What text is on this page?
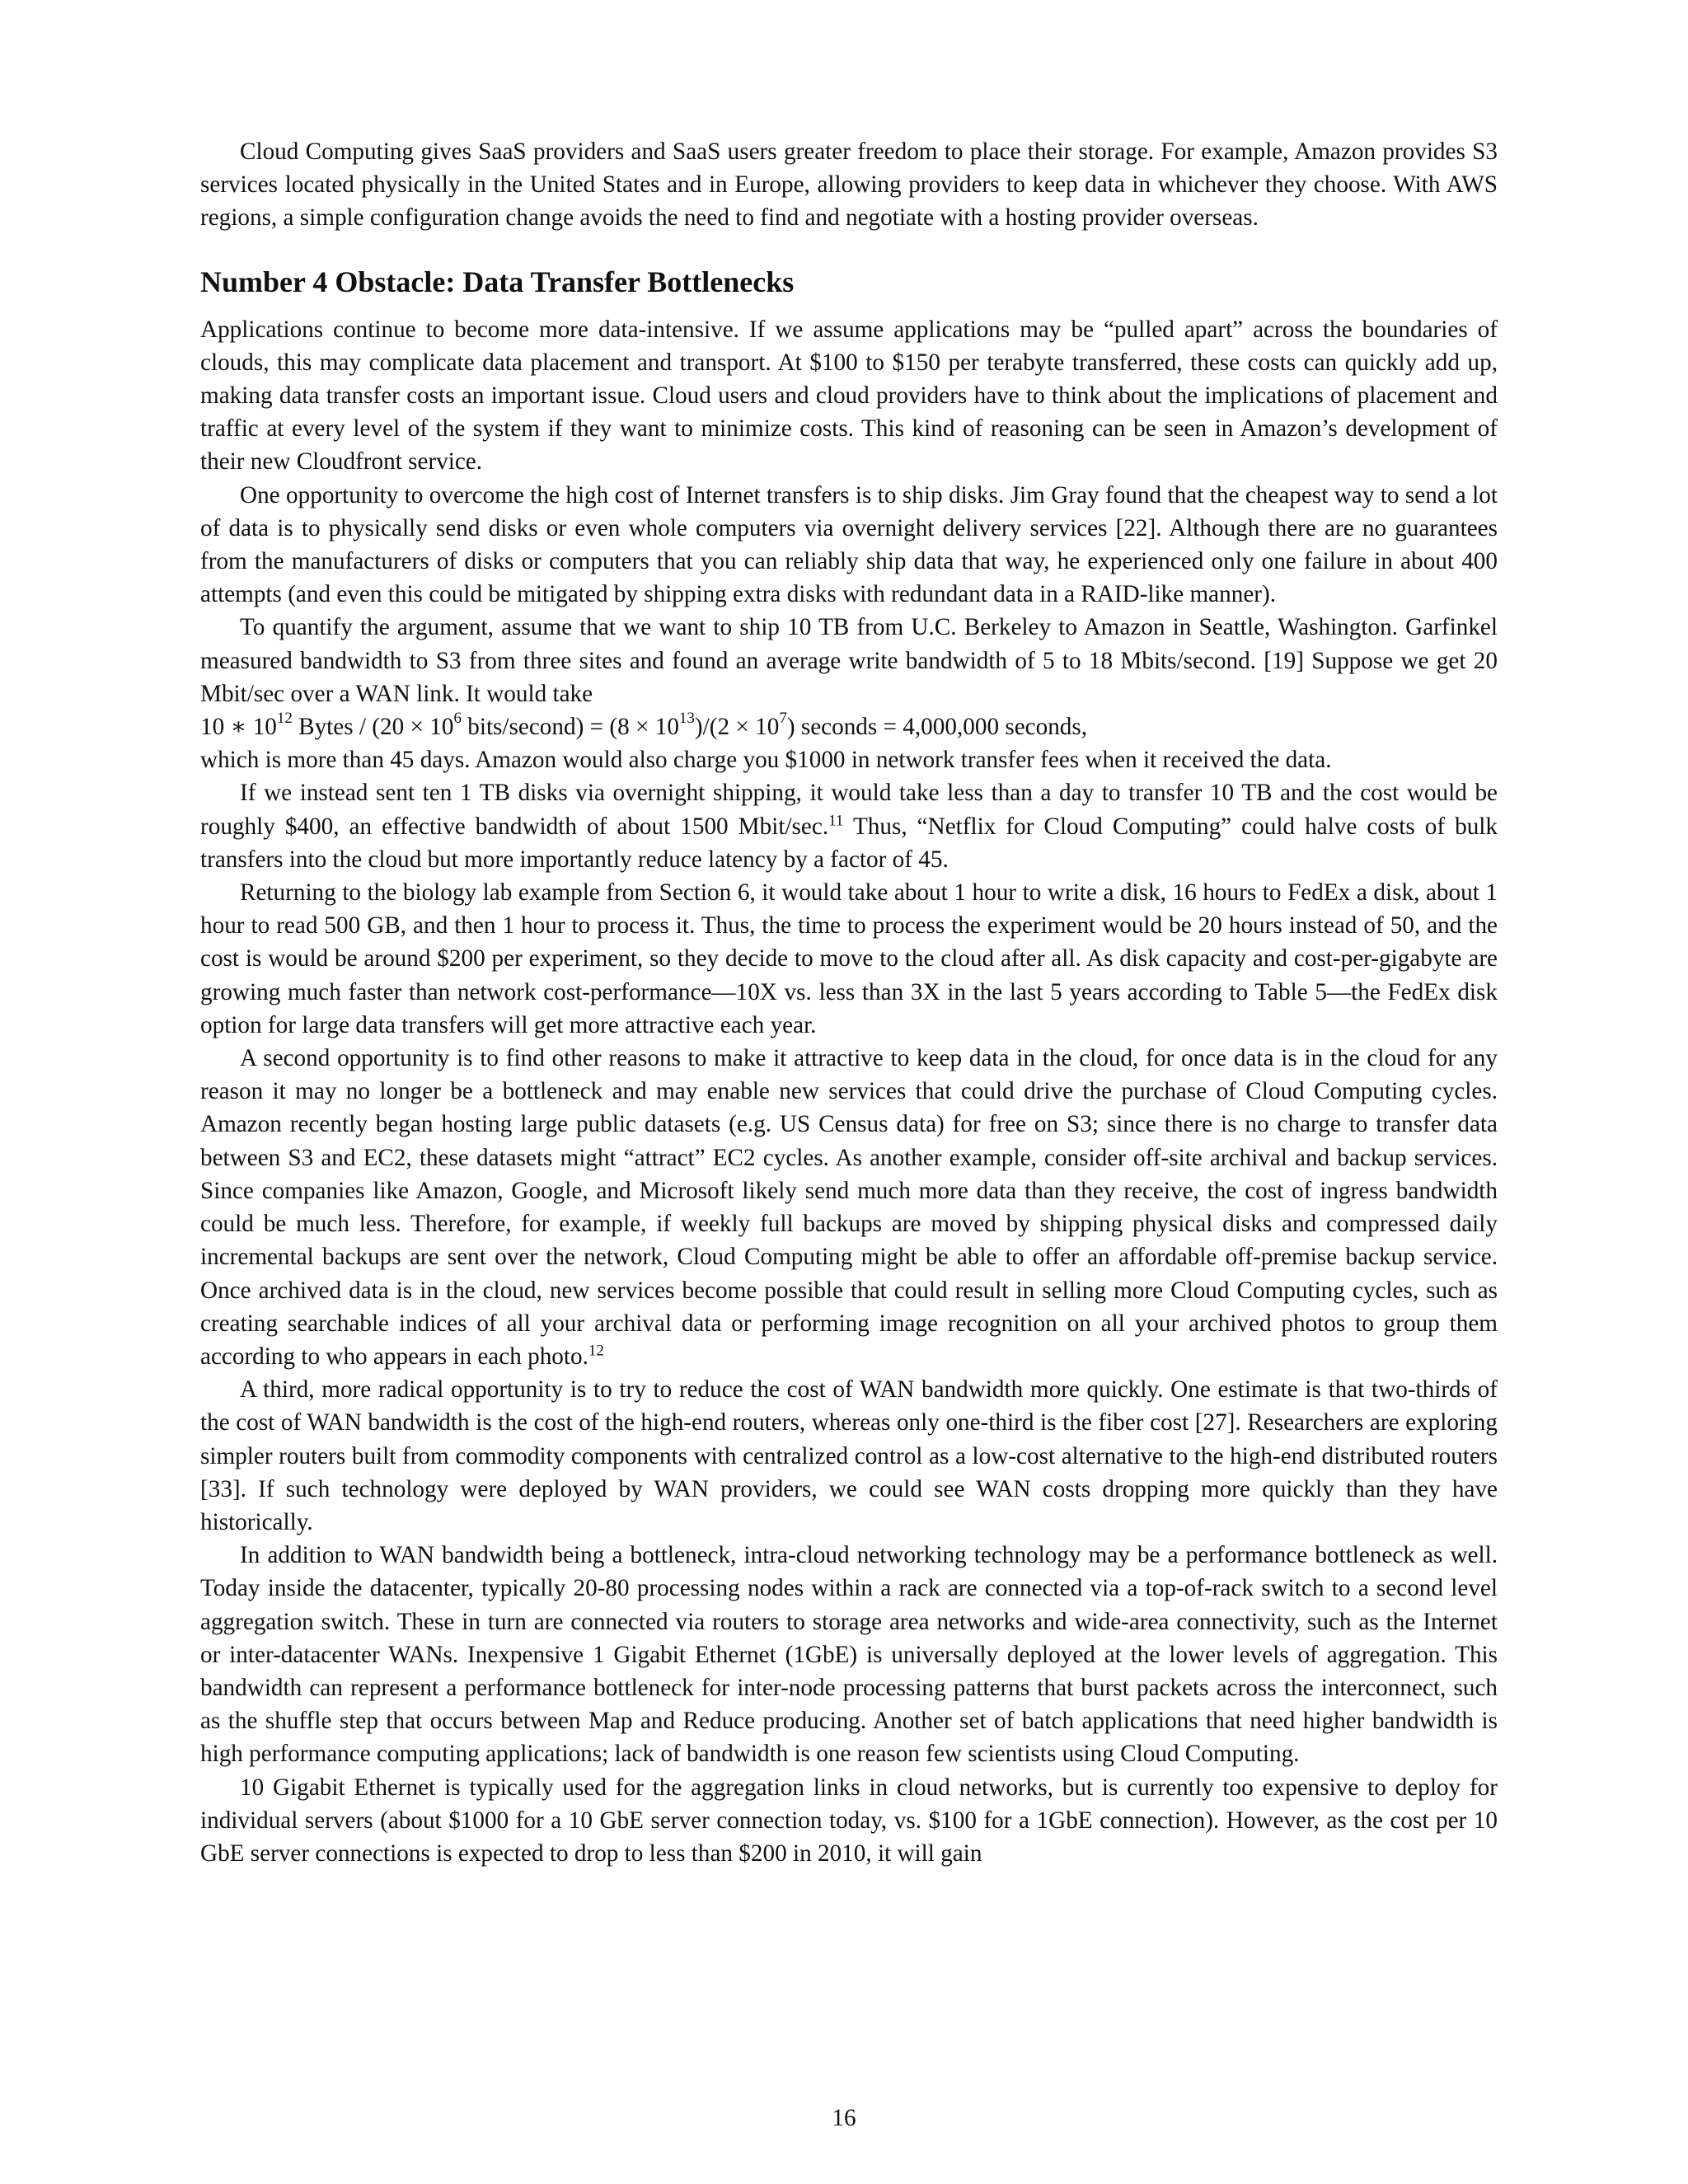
Cloud Computing gives SaaS providers and SaaS users greater freedom to place their storage. For example, Amazon provides S3 services located physically in the United States and in Europe, allowing providers to keep data in whichever they choose. With AWS regions, a simple configuration change avoids the need to find and negotiate with a hosting provider overseas.

Number 4 Obstacle: Data Transfer Bottlenecks

Applications continue to become more data-intensive. If we assume applications may be “pulled apart” across the boundaries of clouds, this may complicate data placement and transport. At $100 to $150 per terabyte transferred, these costs can quickly add up, making data transfer costs an important issue. Cloud users and cloud providers have to think about the implications of placement and traffic at every level of the system if they want to minimize costs. This kind of reasoning can be seen in Amazon’s development of their new Cloudfront service.

One opportunity to overcome the high cost of Internet transfers is to ship disks. Jim Gray found that the cheapest way to send a lot of data is to physically send disks or even whole computers via overnight delivery services [22]. Although there are no guarantees from the manufacturers of disks or computers that you can reliably ship data that way, he experienced only one failure in about 400 attempts (and even this could be mitigated by shipping extra disks with redundant data in a RAID-like manner).

To quantify the argument, assume that we want to ship 10 TB from U.C. Berkeley to Amazon in Seattle, Washington. Garfinkel measured bandwidth to S3 from three sites and found an average write bandwidth of 5 to 18 Mbits/second. [19] Suppose we get 20 Mbit/sec over a WAN link. It would take

10 ∗ $10^{12}$ Bytes / ($20 \times 10^6$ bits/second) = $(8 \times 10^{13})/(2 \times 10^7)$ seconds = 4,000,000 seconds,

which is more than 45 days. Amazon would also charge you $1000 in network transfer fees when it received the data.

If we instead sent ten 1 TB disks via overnight shipping, it would take less than a day to transfer 10 TB and the cost would be roughly $400, an effective bandwidth of about 1500 Mbit/sec.$^{11}$ Thus, “Netflix for Cloud Computing” could halve costs of bulk transfers into the cloud but more importantly reduce latency by a factor of 45.

Returning to the biology lab example from Section 6, it would take about 1 hour to write a disk, 16 hours to FedEx a disk, about 1 hour to read 500 GB, and then 1 hour to process it. Thus, the time to process the experiment would be 20 hours instead of 50, and the cost is would be around $200 per experiment, so they decide to move to the cloud after all. As disk capacity and cost-per-gigabyte are growing much faster than network cost-performance—10X vs. less than 3X in the last 5 years according to Table 5—the FedEx disk option for large data transfers will get more attractive each year.

A second opportunity is to find other reasons to make it attractive to keep data in the cloud, for once data is in the cloud for any reason it may no longer be a bottleneck and may enable new services that could drive the purchase of Cloud Computing cycles. Amazon recently began hosting large public datasets (e.g. US Census data) for free on S3; since there is no charge to transfer data between S3 and EC2, these datasets might “attract” EC2 cycles. As another example, consider off-site archival and backup services. Since companies like Amazon, Google, and Microsoft likely send much more data than they receive, the cost of ingress bandwidth could be much less. Therefore, for example, if weekly full backups are moved by shipping physical disks and compressed daily incremental backups are sent over the network, Cloud Computing might be able to offer an affordable off-premise backup service. Once archived data is in the cloud, new services become possible that could result in selling more Cloud Computing cycles, such as creating searchable indices of all your archival data or performing image recognition on all your archived photos to group them according to who appears in each photo.$^{12}$

A third, more radical opportunity is to try to reduce the cost of WAN bandwidth more quickly. One estimate is that two-thirds of the cost of WAN bandwidth is the cost of the high-end routers, whereas only one-third is the fiber cost [27]. Researchers are exploring simpler routers built from commodity components with centralized control as a low-cost alternative to the high-end distributed routers [33]. If such technology were deployed by WAN providers, we could see WAN costs dropping more quickly than they have historically.

In addition to WAN bandwidth being a bottleneck, intra-cloud networking technology may be a performance bottleneck as well. Today inside the datacenter, typically 20-80 processing nodes within a rack are connected via a top-of-rack switch to a second level aggregation switch. These in turn are connected via routers to storage area networks and wide-area connectivity, such as the Internet or inter-datacenter WANs. Inexpensive 1 Gigabit Ethernet (1GbE) is universally deployed at the lower levels of aggregation. This bandwidth can represent a performance bottleneck for inter-node processing patterns that burst packets across the interconnect, such as the shuffle step that occurs between Map and Reduce producing. Another set of batch applications that need higher bandwidth is high performance computing applications; lack of bandwidth is one reason few scientists using Cloud Computing.

10 Gigabit Ethernet is typically used for the aggregation links in cloud networks, but is currently too expensive to deploy for individual servers (about $1000 for a 10 GbE server connection today, vs. $100 for a 1GbE connection). However, as the cost per 10 GbE server connections is expected to drop to less than $200 in 2010, it will gain

16
